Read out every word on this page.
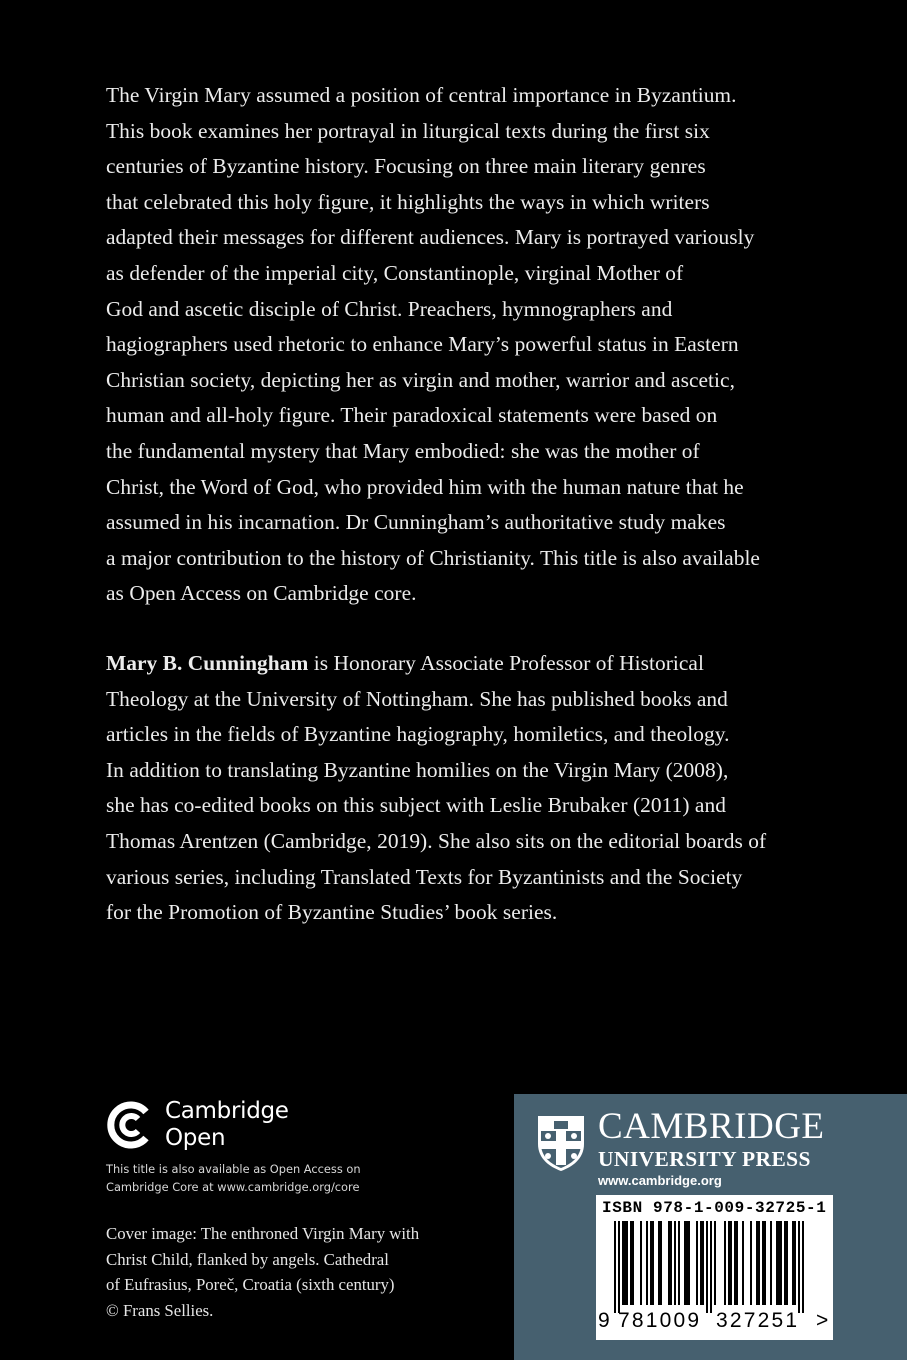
The Virgin Mary assumed a position of central importance in Byzantium.
This book examines her portrayal in liturgical texts during the first six
centuries of Byzantine history. Focusing on three main literary genres
that celebrated this holy figure, it highlights the ways in which writers
adapted their messages for different audiences. Mary is portrayed variously
as defender of the imperial city, Constantinople, virginal Mother of
God and ascetic disciple of Christ. Preachers, hymnographers and
hagiographers used rhetoric to enhance Mary’s powerful status in Eastern
Christian society, depicting her as virgin and mother, warrior and ascetic,
human and all-holy figure. Their paradoxical statements were based on
the fundamental mystery that Mary embodied: she was the mother of
Christ, the Word of God, who provided him with the human nature that he
assumed in his incarnation. Dr Cunningham’s authoritative study makes
a major contribution to the history of Christianity. This title is also available
as Open Access on Cambridge core.
Mary B. Cunningham is Honorary Associate Professor of Historical
Theology at the University of Nottingham. She has published books and
articles in the fields of Byzantine hagiography, homiletics, and theology.
In addition to translating Byzantine homilies on the Virgin Mary (2008),
she has co-edited books on this subject with Leslie Brubaker (2011) and
Thomas Arentzen (Cambridge, 2019). She also sits on the editorial boards of
various series, including Translated Texts for Byzantinists and the Society
for the Promotion of Byzantine Studies’ book series.
Cambridge
Open
This title is also available as Open Access on
Cambridge Core at www.cambridge.org/core
Cover image: The enthroned Virgin Mary with
Christ Child, flanked by angels. Cathedral
of Eufrasius, Poreč, Croatia (sixth century)
© Frans Sellies.
CAMBRIDGE
UNIVERSITY PRESS
www.cambridge.org
ISBN 978-1-009-32725-1
9 781009 327251 >
